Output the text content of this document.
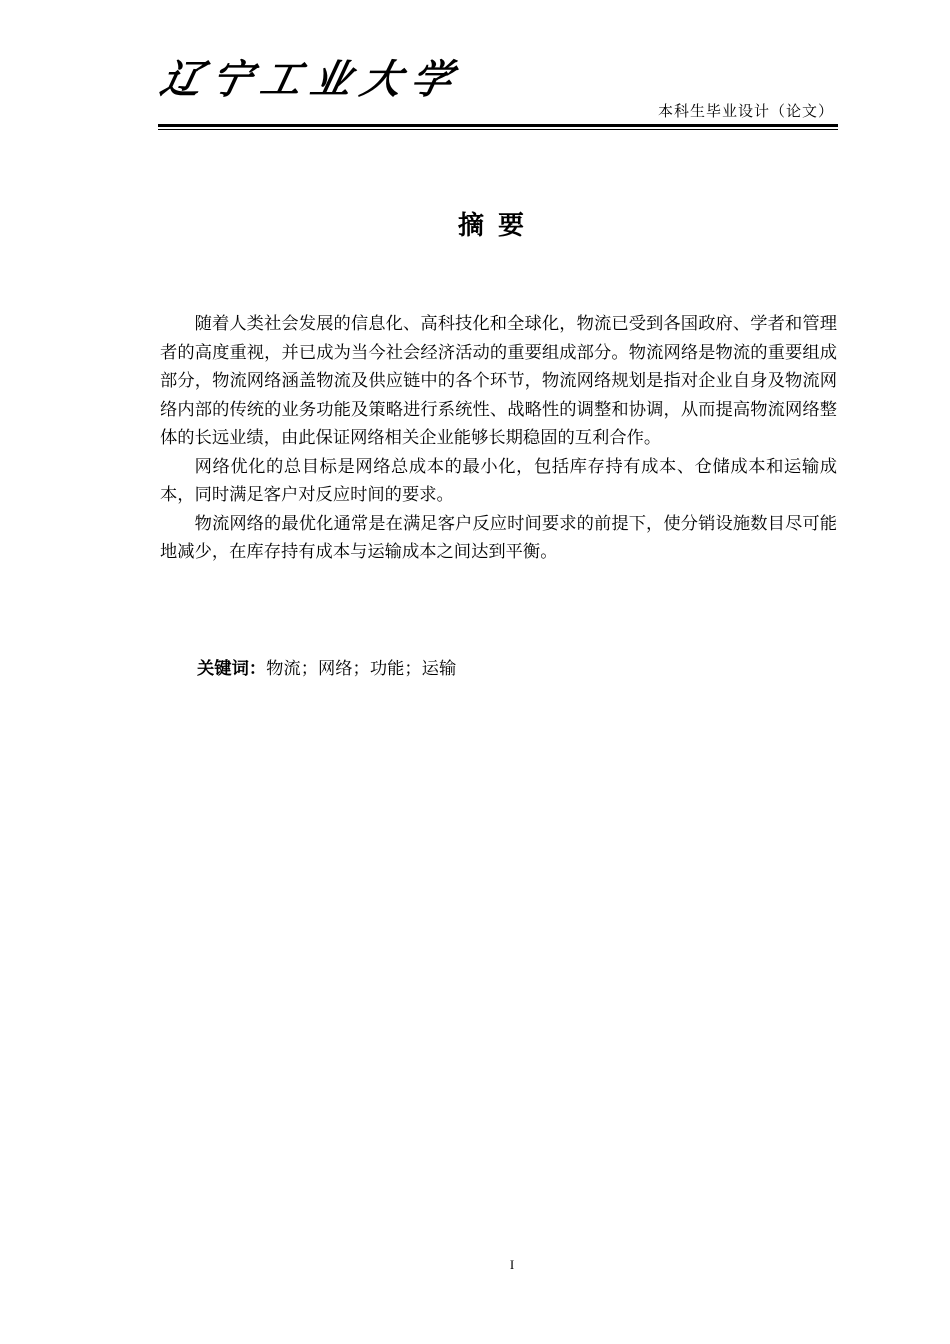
辽宁工业大学
本科生毕业设计（论文）
摘要

随着人类社会发展的信息化、高科技化和全球化，物流已受到各国政府、学者和管理者的高度重视，并已成为当今社会经济活动的重要组成部分。物流网络是物流的重要组成部分，物流网络涵盖物流及供应链中的各个环节，物流网络规划是指对企业自身及物流网络内部的传统的业务功能及策略进行系统性、战略性的调整和协调，从而提高物流网络整体的长远业绩，由此保证网络相关企业能够长期稳固的互利合作。

网络优化的总目标是网络总成本的最小化，包括库存持有成本、仓储成本和运输成本，同时满足客户对反应时间的要求。

物流网络的最优化通常是在满足客户反应时间要求的前提下，使分销设施数目尽可能地减少，在库存持有成本与运输成本之间达到平衡。

关键词：物流；网络；功能；运输
I
